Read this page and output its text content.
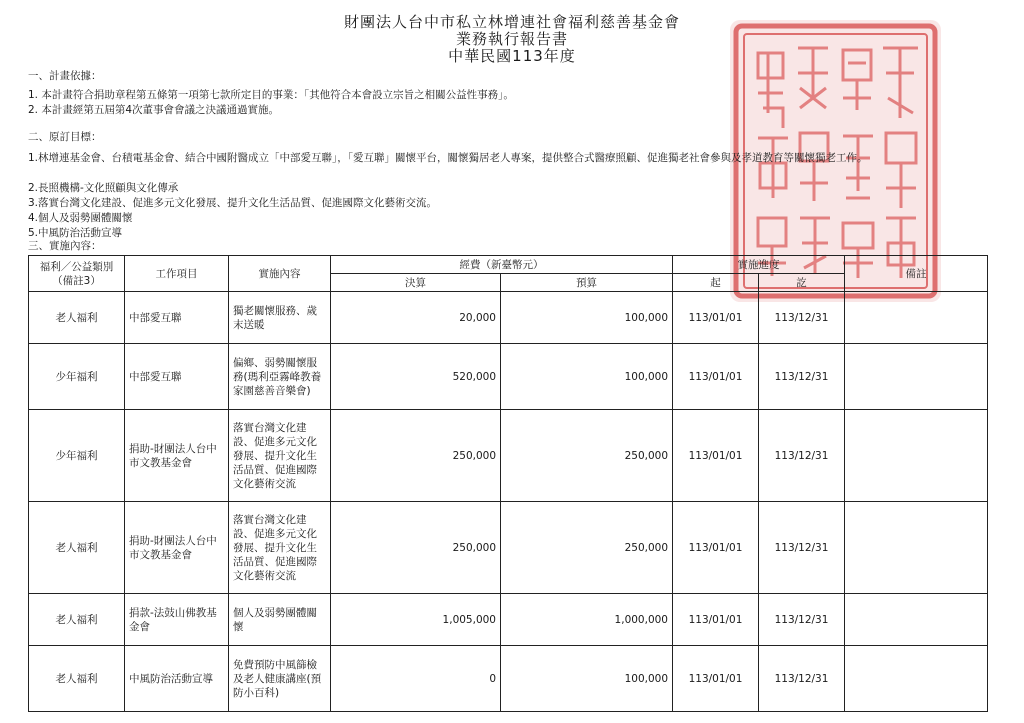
財團法人台中市私立林增連社會福利慈善基金會
業務執行報告書
中華民國113年度
一、計畫依據：
1. 本計畫符合捐助章程第五條第一項第七款所定目的事業：「其他符合本會設立宗旨之相關公益性事務」。
2. 本計畫經第五屆第4次董事會會議之決議通過實施。
二、原訂目標：
1.林增連基金會、台積電基金會、結合中國附醫成立「中部愛互聯」，「愛互聯」關懷平台，關懷獨居老人專案，提供整合式醫療照顧、促進獨老社會參與及孝道教育等關懷獨老工作。
2.長照機構-文化照顧與文化傳承
3.落實台灣文化建設、促進多元文化發展、提升文化生活品質、促進國際文化藝術交流。
4.個人及弱勢團體關懷
5.中風防治活動宣導
三、實施內容：
福利／公益類別（備註3）	工作項目	實施內容	經費（新臺幣元）		實施進度		備註
			決算	預算	起	訖	
老人福利	中部愛互聯	獨老關懷服務、歲末送暖	20,000	100,000	113/01/01	113/12/31	
少年福利	中部愛互聯	偏鄉、弱勢關懷服務(瑪利亞霧峰教養家園慈善音樂會)	520,000	100,000	113/01/01	113/12/31	
少年福利	捐助-財團法人台中市文教基金會	落實台灣文化建設、促進多元文化發展、提升文化生活品質、促進國際文化藝術交流	250,000	250,000	113/01/01	113/12/31	
老人福利	捐助-財團法人台中市文教基金會	落實台灣文化建設、促進多元文化發展、提升文化生活品質、促進國際文化藝術交流	250,000	250,000	113/01/01	113/12/31	
老人福利	捐款-法鼓山佛教基金會	個人及弱勢團體關懷	1,005,000	1,000,000	113/01/01	113/12/31	
老人福利	中風防治活動宣導	免費預防中風篩檢及老人健康講座(預防小百科)	0	100,000	113/01/01	113/12/31	
